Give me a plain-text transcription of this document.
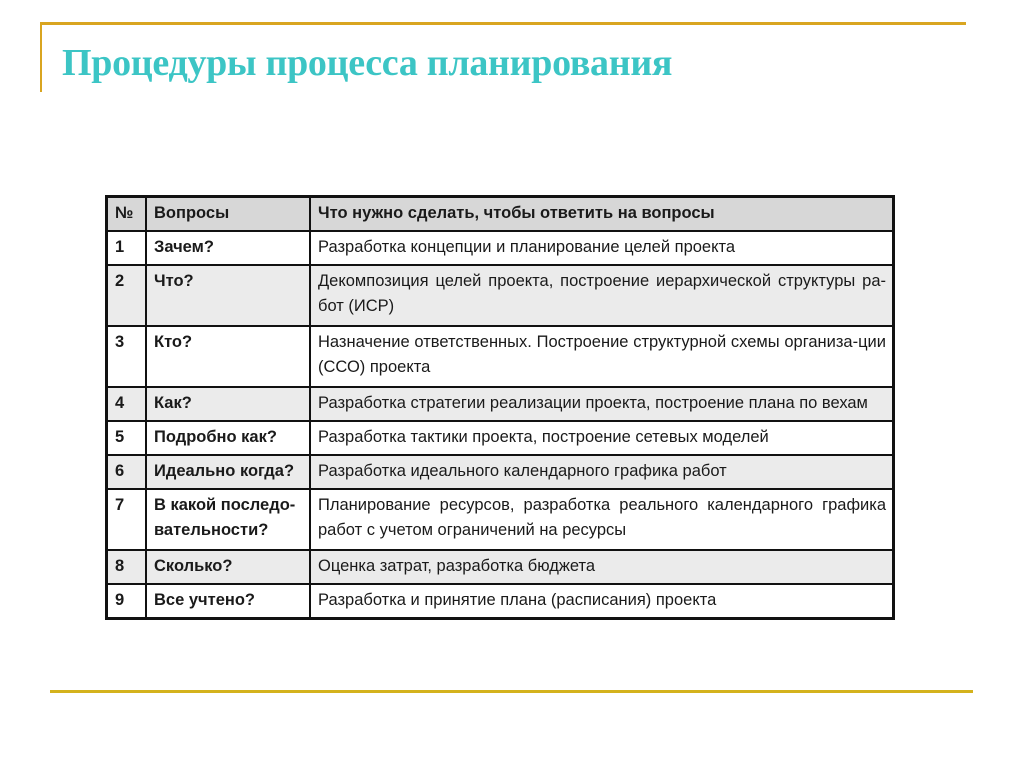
Процедуры процесса планирования
№	Вопросы	Что нужно сделать, чтобы ответить на вопросы
1	Зачем?	Разработка концепции и планирование целей проекта
2	Что?	Декомпозиция целей проекта, построение иерархической структуры ра-бот (ИСР)
3	Кто?	Назначение ответственных. Построение структурной схемы организа-ции (ССО) проекта
4	Как?	Разработка стратегии реализации проекта, построение плана по вехам
5	Подробно как?	Разработка тактики проекта, построение сетевых моделей
6	Идеально когда?	Разработка идеального календарного графика работ
7	В какой последо-вательности?	Планирование ресурсов, разработка реального календарного графика работ с учетом ограничений на ресурсы
8	Сколько?	Оценка затрат, разработка бюджета
9	Все учтено?	Разработка и принятие плана (расписания) проекта
